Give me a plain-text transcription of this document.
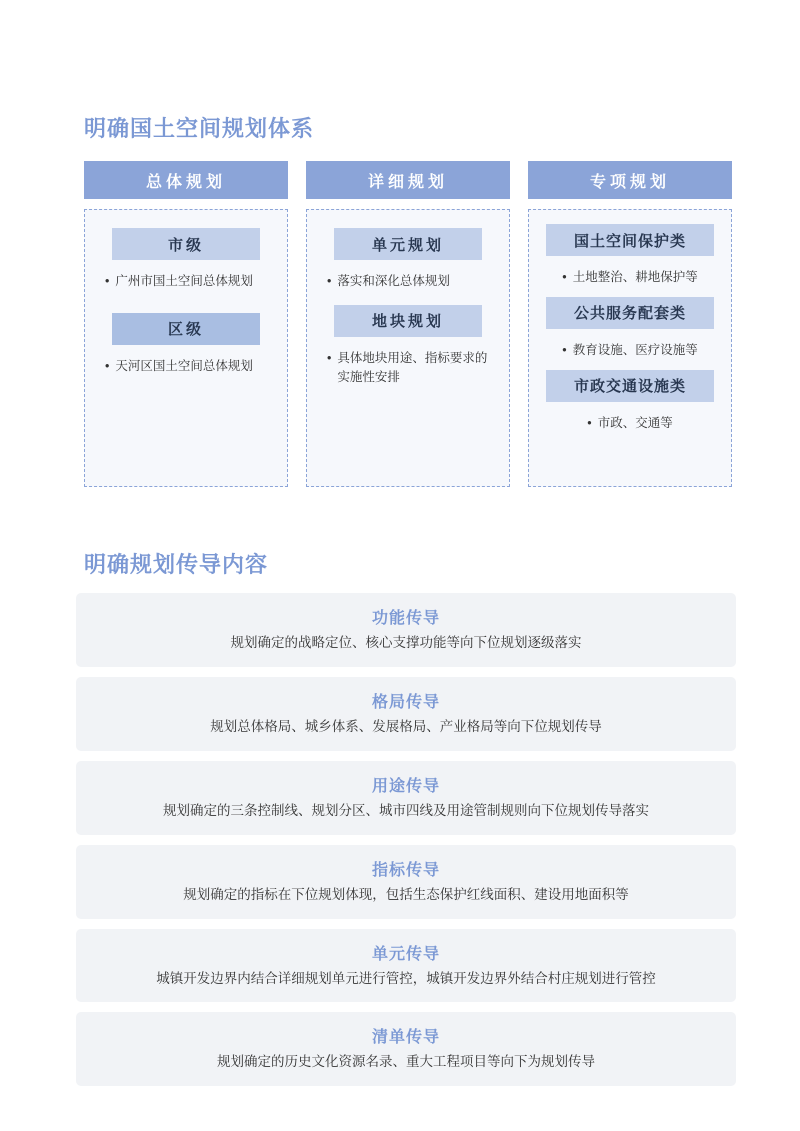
明确国土空间规划体系
总体规划
市级
• 广州市国土空间总体规划
区级
• 天河区国土空间总体规划
详细规划
单元规划
• 落实和深化总体规划
地块规划
• 具体地块用途、指标要求的实施性安排
专项规划
国土空间保护类
• 土地整治、耕地保护等
公共服务配套类
• 教育设施、医疗设施等
市政交通设施类
• 市政、交通等
明确规划传导内容
功能传导
规划确定的战略定位、核心支撑功能等向下位规划逐级落实
格局传导
规划总体格局、城乡体系、发展格局、产业格局等向下位规划传导
用途传导
规划确定的三条控制线、规划分区、城市四线及用途管制规则向下位规划传导落实
指标传导
规划确定的指标在下位规划体现，包括生态保护红线面积、建设用地面积等
单元传导
城镇开发边界内结合详细规划单元进行管控，城镇开发边界外结合村庄规划进行管控
清单传导
规划确定的历史文化资源名录、重大工程项目等向下为规划传导
